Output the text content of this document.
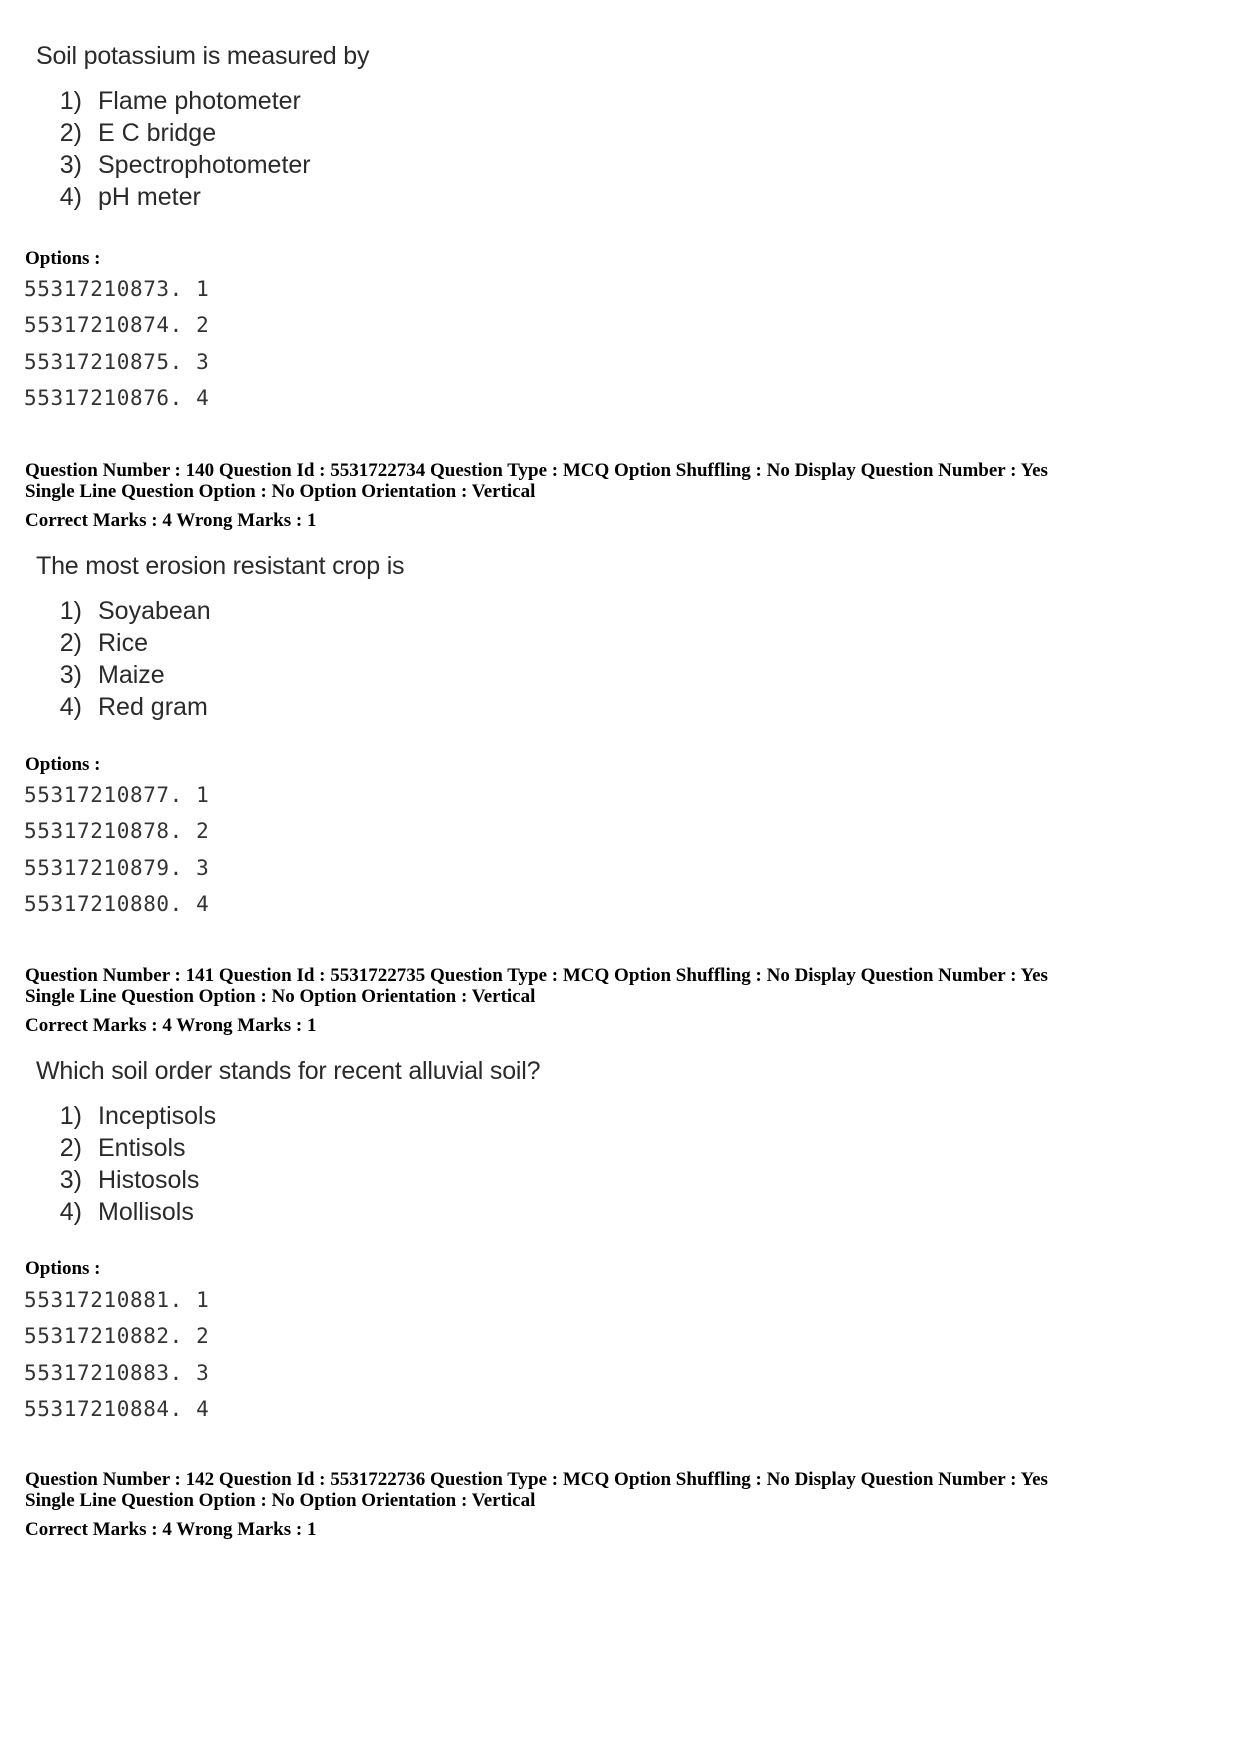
Soil potassium is measured by
1) Flame photometer
2) E C bridge
3) Spectrophotometer
4) pH meter
Options :
55317210873. 1
55317210874. 2
55317210875. 3
55317210876. 4
Question Number : 140 Question Id : 5531722734 Question Type : MCQ Option Shuffling : No Display Question Number : Yes
Single Line Question Option : No Option Orientation : Vertical
Correct Marks : 4 Wrong Marks : 1
The most erosion resistant crop is
1) Soyabean
2) Rice
3) Maize
4) Red gram
Options :
55317210877. 1
55317210878. 2
55317210879. 3
55317210880. 4
Question Number : 141 Question Id : 5531722735 Question Type : MCQ Option Shuffling : No Display Question Number : Yes
Single Line Question Option : No Option Orientation : Vertical
Correct Marks : 4 Wrong Marks : 1
Which soil order stands for recent alluvial soil?
1) Inceptisols
2) Entisols
3) Histosols
4) Mollisols
Options :
55317210881. 1
55317210882. 2
55317210883. 3
55317210884. 4
Question Number : 142 Question Id : 5531722736 Question Type : MCQ Option Shuffling : No Display Question Number : Yes
Single Line Question Option : No Option Orientation : Vertical
Correct Marks : 4 Wrong Marks : 1
